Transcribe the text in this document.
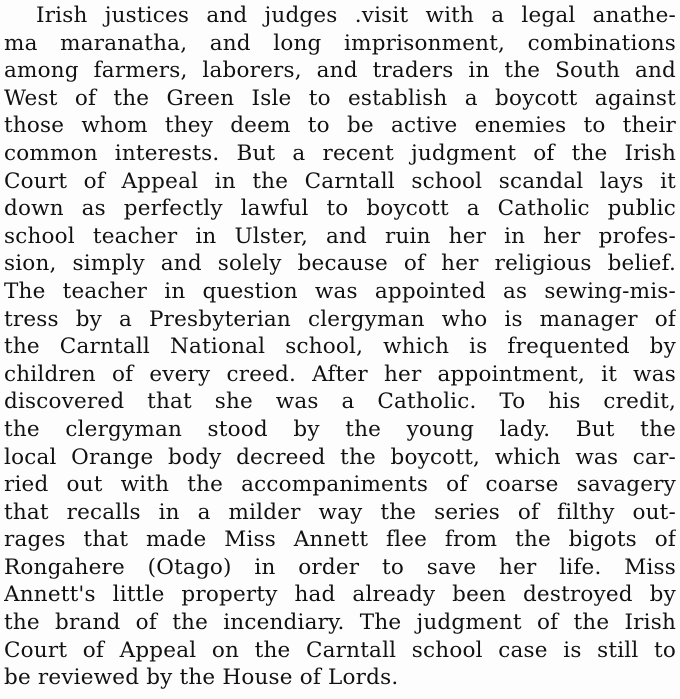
Irish justices and judges .visit with a legal anathe-
ma maranatha, and long imprisonment, combinations
among farmers, laborers, and traders in the South and
West of the Green Isle to establish a boycott against
those whom they deem to be active enemies to their
common interests. But a recent judgment of the Irish
Court of Appeal in the Carntall school scandal lays it
down as perfectly lawful to boycott a Catholic public
school teacher in Ulster, and ruin her in her profes-
sion, simply and solely because of her religious belief.
The teacher in question was appointed as sewing-mis-
tress by a Presbyterian clergyman who is manager of
the Carntall National school, which is frequented by
children of every creed. After her appointment, it was
discovered that she was a Catholic. To his credit,
the clergyman stood by the young lady. But the
local Orange body decreed the boycott, which was car-
ried out with the accompaniments of coarse savagery
that recalls in a milder way the series of filthy out-
rages that made Miss Annett flee from the bigots of
Rongahere (Otago) in order to save her life. Miss
Annett's little property had already been destroyed by
the brand of the incendiary. The judgment of the Irish
Court of Appeal on the Carntall school case is still to
be reviewed by the House of Lords.
